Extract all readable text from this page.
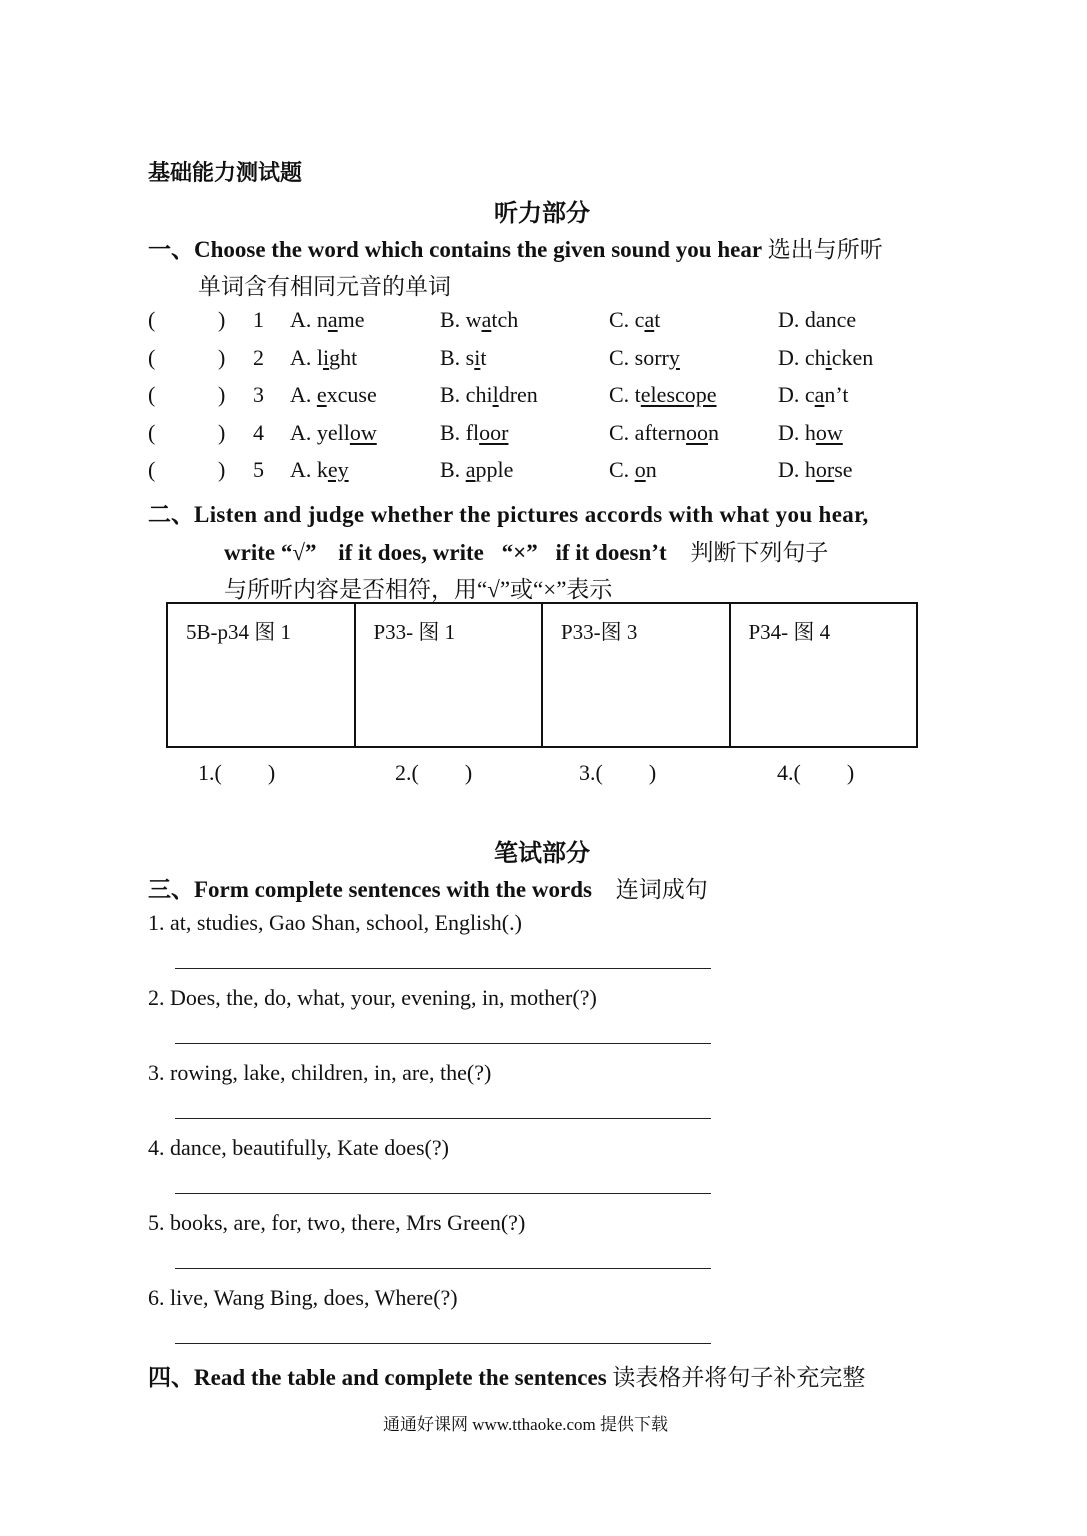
基础能力测试题
听力部分
一、Choose the word which contains the given sound you hear 选出与所听
单词含有相同元音的单词
(	) 1 A. name	B. watch	C. cat	D. dance
(	) 2 A. light	B. sit	C. sorry	D. chicken
(	) 3 A. excuse	B. children	C. telescope	D. can’t
(	) 4 A. yellow	B. floor	C. afternoon	D. how
(	) 5 A. key	B. apple	C. on	D. horse
二、Listen and judge whether the pictures accords with what you hear,
write “√” if it does, write “×” if it doesn’t 判断下列句子
与所听内容是否相符，用“√”或“×”表示
5B-p34 图 1	P33- 图 1	P33-图 3	P34- 图 4
1.( )	2.( )	3.( )	4.( )
笔试部分
三、Form complete sentences with the words 连词成句
1. at, studies, Gao Shan, school, English(.)
2. Does, the, do, what, your, evening, in, mother(?)
3. rowing, lake, children, in, are, the(?)
4. dance, beautifully, Kate does(?)
5. books, are, for, two, there, Mrs Green(?)
6. live, Wang Bing, does, Where(?)
四、Read the table and complete the sentences 读表格并将句子补充完整
通通好课网 www.tthaoke.com 提供下载
